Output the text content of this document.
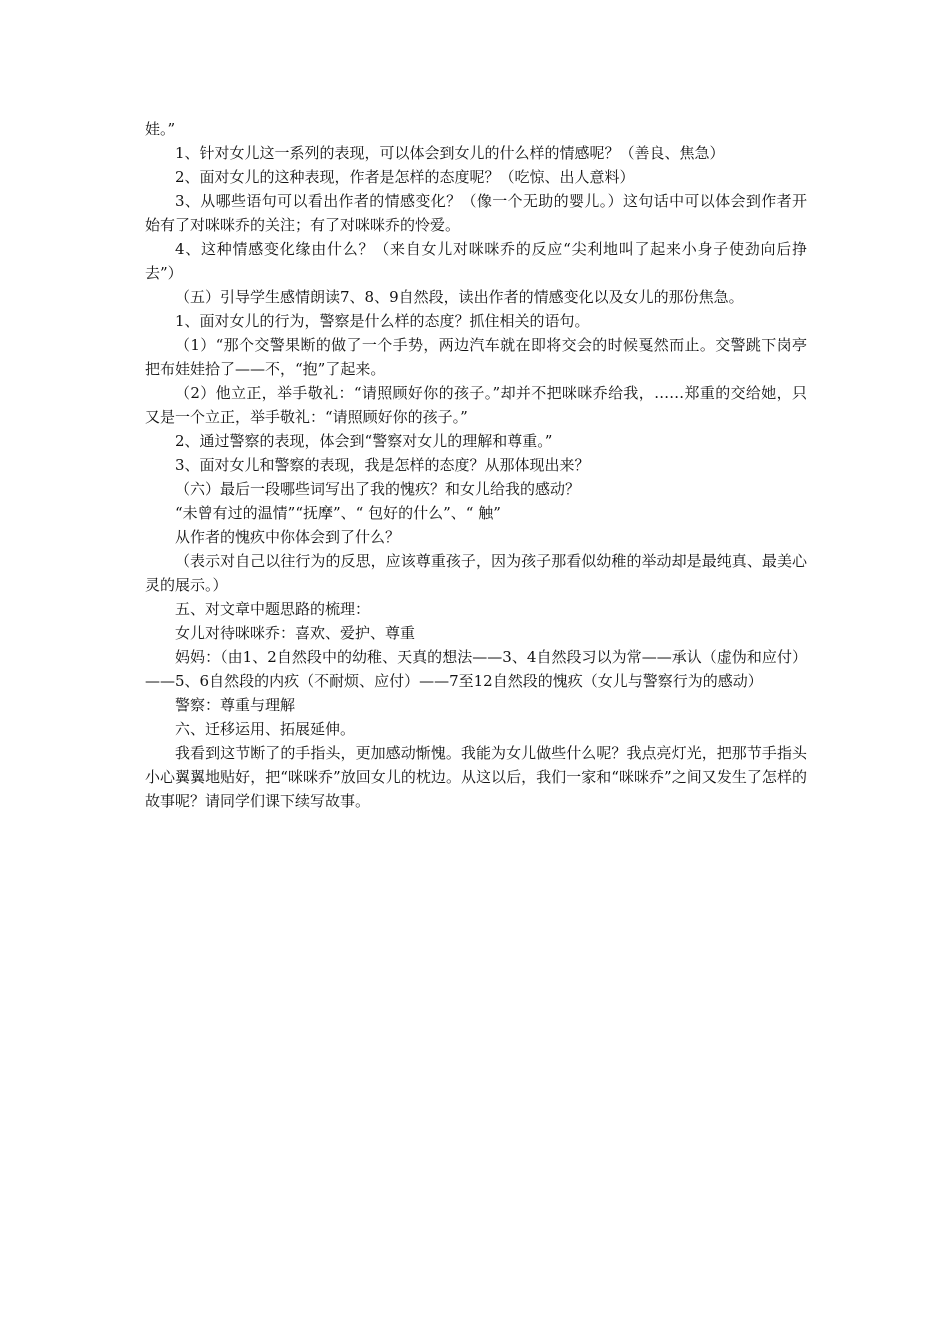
娃。”

1、针对女儿这一系列的表现，可以体会到女儿的什么样的情感呢？（善良、焦急）

2、面对女儿的这种表现，作者是怎样的态度呢？（吃惊、出人意料）

3、从哪些语句可以看出作者的情感变化？（像一个无助的婴儿。）这句话中可以体会到作者开始有了对咪咪乔的关注；有了对咪咪乔的怜爱。

4、这种情感变化缘由什么？（来自女儿对咪咪乔的反应“尖利地叫了起来小身子使劲向后挣去”）

（五）引导学生感情朗读7、8、9自然段，读出作者的情感变化以及女儿的那份焦急。

1、面对女儿的行为，警察是什么样的态度？抓住相关的语句。

（1）“那个交警果断的做了一个手势，两边汽车就在即将交会的时候戛然而止。交警跳下岗亭把布娃娃拾了——不，“抱”了起来。

（2）他立正，举手敬礼：“请照顾好你的孩子。”却并不把咪咪乔给我，……郑重的交给她，只又是一个立正，举手敬礼：“请照顾好你的孩子。”

2、通过警察的表现，体会到“警察对女儿的理解和尊重。”

3、面对女儿和警察的表现，我是怎样的态度？从那体现出来？

（六）最后一段哪些词写出了我的愧疚？和女儿给我的感动？

“未曾有过的温情”“抚摩”、“ 包好的什么”、“ 触”

从作者的愧疚中你体会到了什么？

（表示对自己以往行为的反思，应该尊重孩子，因为孩子那看似幼稚的举动却是最纯真、最美心灵的展示。）

五、对文章中题思路的梳理：

女儿对待咪咪乔：喜欢、爱护、尊重

妈妈：（由1、2自然段中的幼稚、天真的想法——3、4自然段习以为常——承认（虚伪和应付）——5、6自然段的内疚（不耐烦、应付）——7至12自然段的愧疚（女儿与警察行为的感动）

警察：尊重与理解

六、迁移运用、拓展延伸。

我看到这节断了的手指头，更加感动惭愧。我能为女儿做些什么呢？我点亮灯光，把那节手指头小心翼翼地贴好，把“咪咪乔”放回女儿的枕边。从这以后，我们一家和“咪咪乔”之间又发生了怎样的故事呢？请同学们课下续写故事。
